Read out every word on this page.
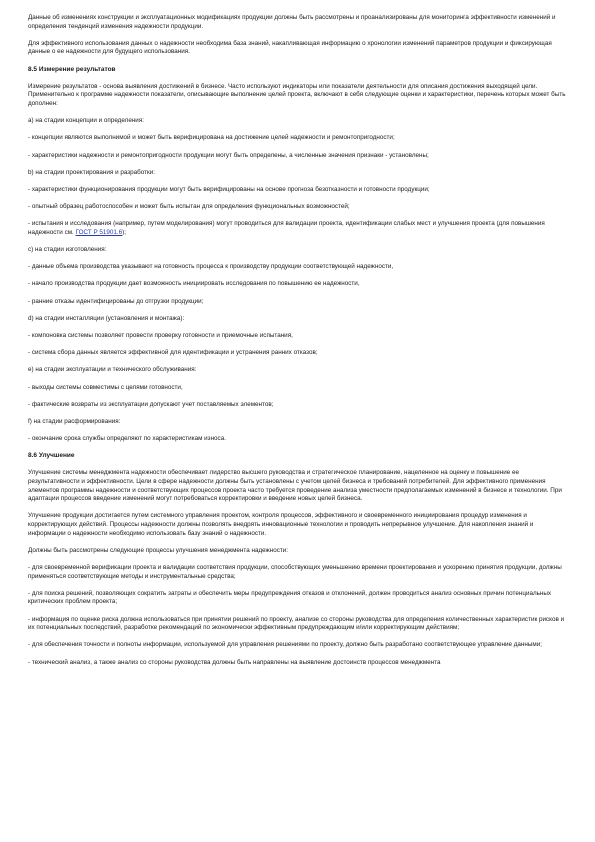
Данные об изменениях конструкции и эксплуатационных модификациях продукции должны быть рассмотрены и проанализированы для мониторинга эффективности изменений и определения тенденций изменения надежности продукции.

Для эффективного использования данных о надежности необходима база знаний, накапливающая информацию о хронологии изменений параметров продукции и фиксирующая данные о ее надежности для будущего использования.

8.5 Измерение результатов

Измерение результатов - основа выявления достижений в бизнесе. Часто используют индикаторы или показатели деятельности для описания достижения выходящей цели. Применительно к программе надежности показатели, описывающие выполнение целей проекта, включают в себя следующие оценки и характеристики, перечень которых может быть дополнен:

a) на стадии концепции и определения:

- концепции являются выполнимой и может быть верифицирована на достижение целей надежности и ремонтопригодности;

- характеристики надежности и ремонтопригодности продукции могут быть определены, а численные значения признаки - установлены;

b) на стадии проектирования и разработки:

- характеристики функционирования продукции могут быть верифицированы на основе прогноза безотказности и готовности продукции;

- опытный образец работоспособен и может быть испытан для определения функциональных возможностей;

- испытания и исследования (например, путем моделирования) могут проводиться для валидации проекта, идентификации слабых мест и улучшения проекта (для повышения надежности см. ГОСТ Р 51901.6);

c) на стадии изготовления:

- данные объема производства указывают на готовность процесса к производству продукции соответствующей надежности,

- начало производства продукции дает возможность инициировать исследования по повышению ее надежности,

- ранние отказы идентифицированы до отгрузки продукции;

d) на стадии инсталляции (установления и монтажа):

- компоновка системы позволяет провести проверку готовности и приемочные испытания,

- система сбора данных является эффективной для идентификации и устранения ранних отказов;

e) на стадии эксплуатации и технического обслуживания:

- выходы системы совместимы с целями готовности,

- фактические возвраты из эксплуатации допускают учет поставляемых элементов;

f) на стадии расформирования:

- окончание срока службы определяют по характеристикам износа.

8.6 Улучшение

Улучшение системы менеджмента надежности обеспечивает лидерство высшего руководства и стратегическое планирование, нацеленное на оценку и повышение ее результативности и эффективности. Цели в сфере надежности должны быть установлены с учетом целей бизнеса и требований потребителей. Для эффективного применения элементов программы надежности и соответствующих процессов проекта часто требуется проведение анализа уместности предполагаемых изменений в бизнесе и технологии. При адаптации процессов введение изменений могут потребоваться корректировки и введение новых целей бизнеса.

Улучшение продукции достигается путем системного управления проектом, контроля процессов, эффективного и своевременного инициирования процедур изменения и корректирующих действий. Процессы надежности должны позволять внедрять инновационные технологии и проводить непрерывное улучшение. Для накопления знаний и информации о надежности необходимо использовать базу знаний о надежности.

Должны быть рассмотрены следующие процессы улучшения менеджмента надежности:

- для своевременной верификации проекта и валидации соответствия продукции, способствующих уменьшению времени проектирования и ускорению принятия продукции, должны применяться соответствующие методы и инструментальные средства;

- для поиска решений, позволяющих сократить затраты и обеспечить меры предупреждения отказов и отклонений, должен проводиться анализ основных причин потенциальных критических проблем проекта;

- информация по оценке риска должна использоваться при принятии решений по проекту, анализе со стороны руководства для определения количественных характеристик рисков и их потенциальных последствий, разработке рекомендаций по экономически эффективным предупреждающим и/или корректирующим действиям;

- для обеспечения точности и полноты информации, используемой для управления решениями по проекту, должно быть разработано соответствующее управление данными;

- технический анализ, а также анализ со стороны руководства должны быть направлены на выявление достоинств процессов менеджмента
